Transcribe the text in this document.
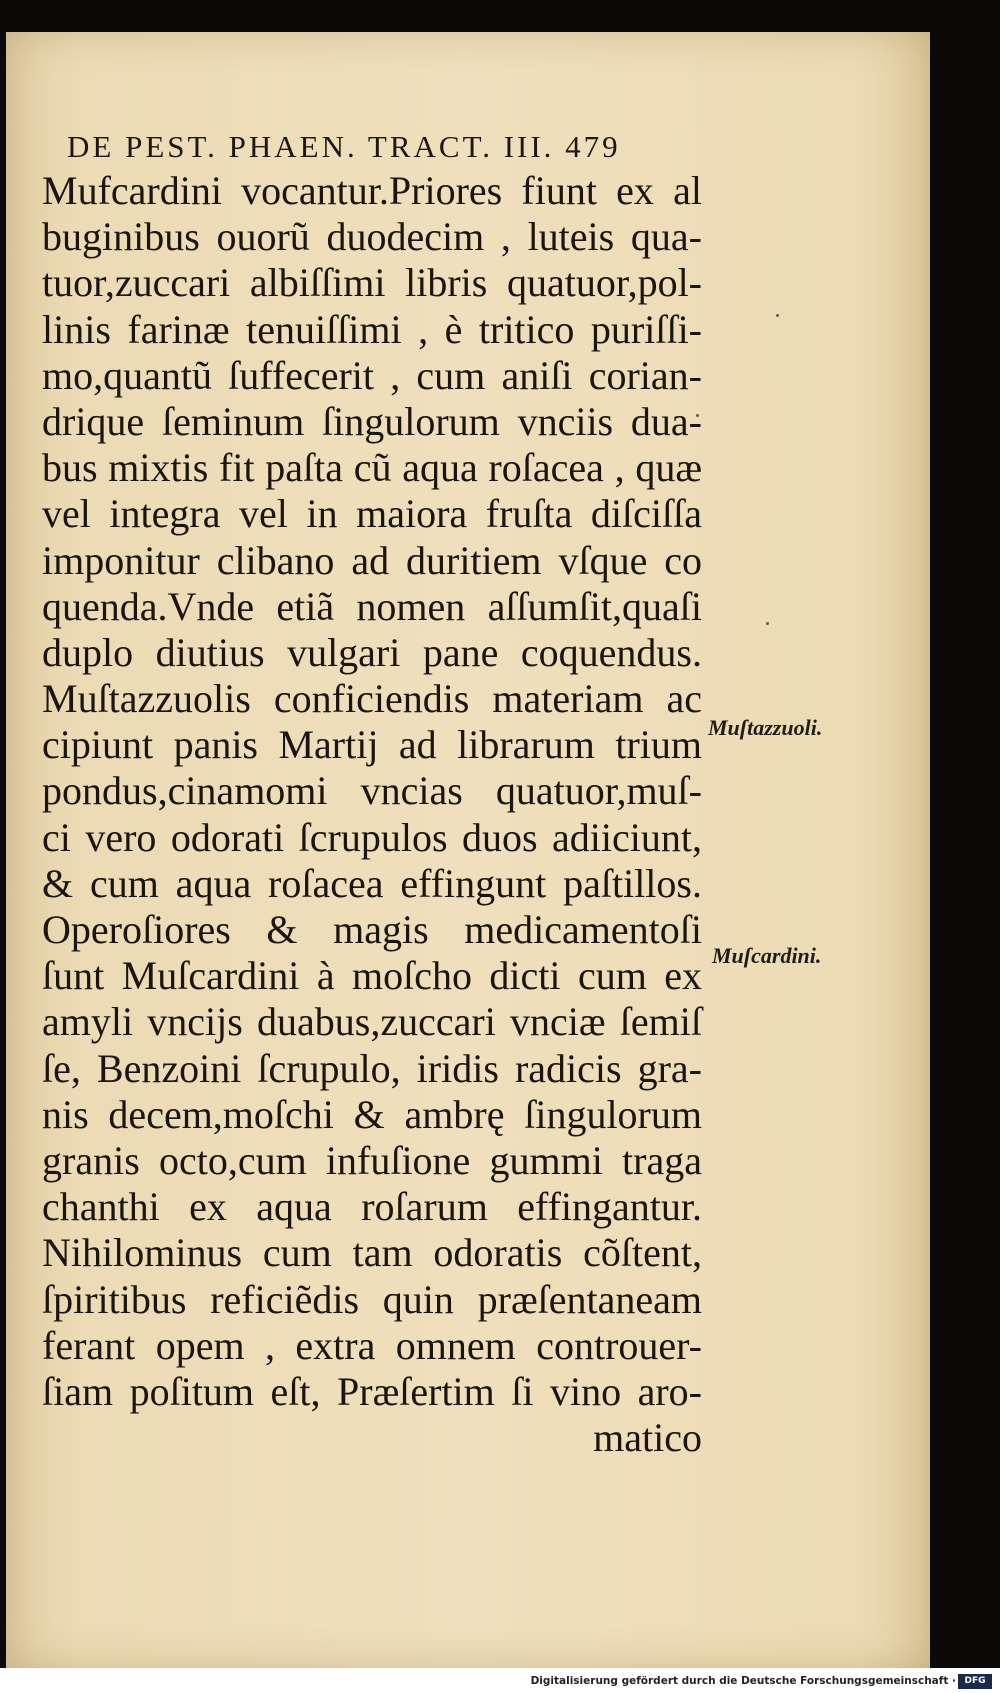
DE PEST. PHAEN. TRACT. III. 479
Mufcardini vocantur.Priores fiunt ex al
buginibus ouorũ duodecim , luteis qua-
tuor,zuccari albiſſimi libris quatuor,pol-
linis farinæ tenuiſſimi , è tritico puriſſi-
mo,quantũ ſuffecerit , cum aniſi corian-
drique ſeminum ſingulorum vnciis dua-
bus mixtis fit paſta cũ aqua roſacea , quæ
vel integra vel in maiora fruſta diſciſſa
imponitur clibano ad duritiem vſque co
quenda.Vnde etiã nomen aſſumſit,quaſi
duplo diutius vulgari pane coquendus.
Muſtazzuolis conficiendis materiam ac
cipiunt panis Martij ad librarum trium
pondus,cinamomi vncias quatuor,muſ-
ci vero odorati ſcrupulos duos adiiciunt,
& cum aqua roſacea effingunt paſtillos.
Operoſiores & magis medicamentoſi
ſunt Muſcardini à moſcho dicti cum ex
amyli vncijs duabus,zuccari vnciæ ſemiſ
ſe, Benzoini ſcrupulo, iridis radicis gra-
nis decem,moſchi & ambrę ſingulorum
granis octo,cum infuſione gummi traga
chanthi ex aqua roſarum effingantur.
Nihilominus cum tam odoratis cõſtent,
ſpiritibus reficiẽdis quin præſentaneam
ferant opem , extra omnem controuer-
ſiam poſitum eſt, Præſertim ſi vino aro-
matico
Muſtazzuoli.
Muſcardini.
Digitalisierung gefördert durch die Deutsche Forschungsgemeinschaft · DFG
